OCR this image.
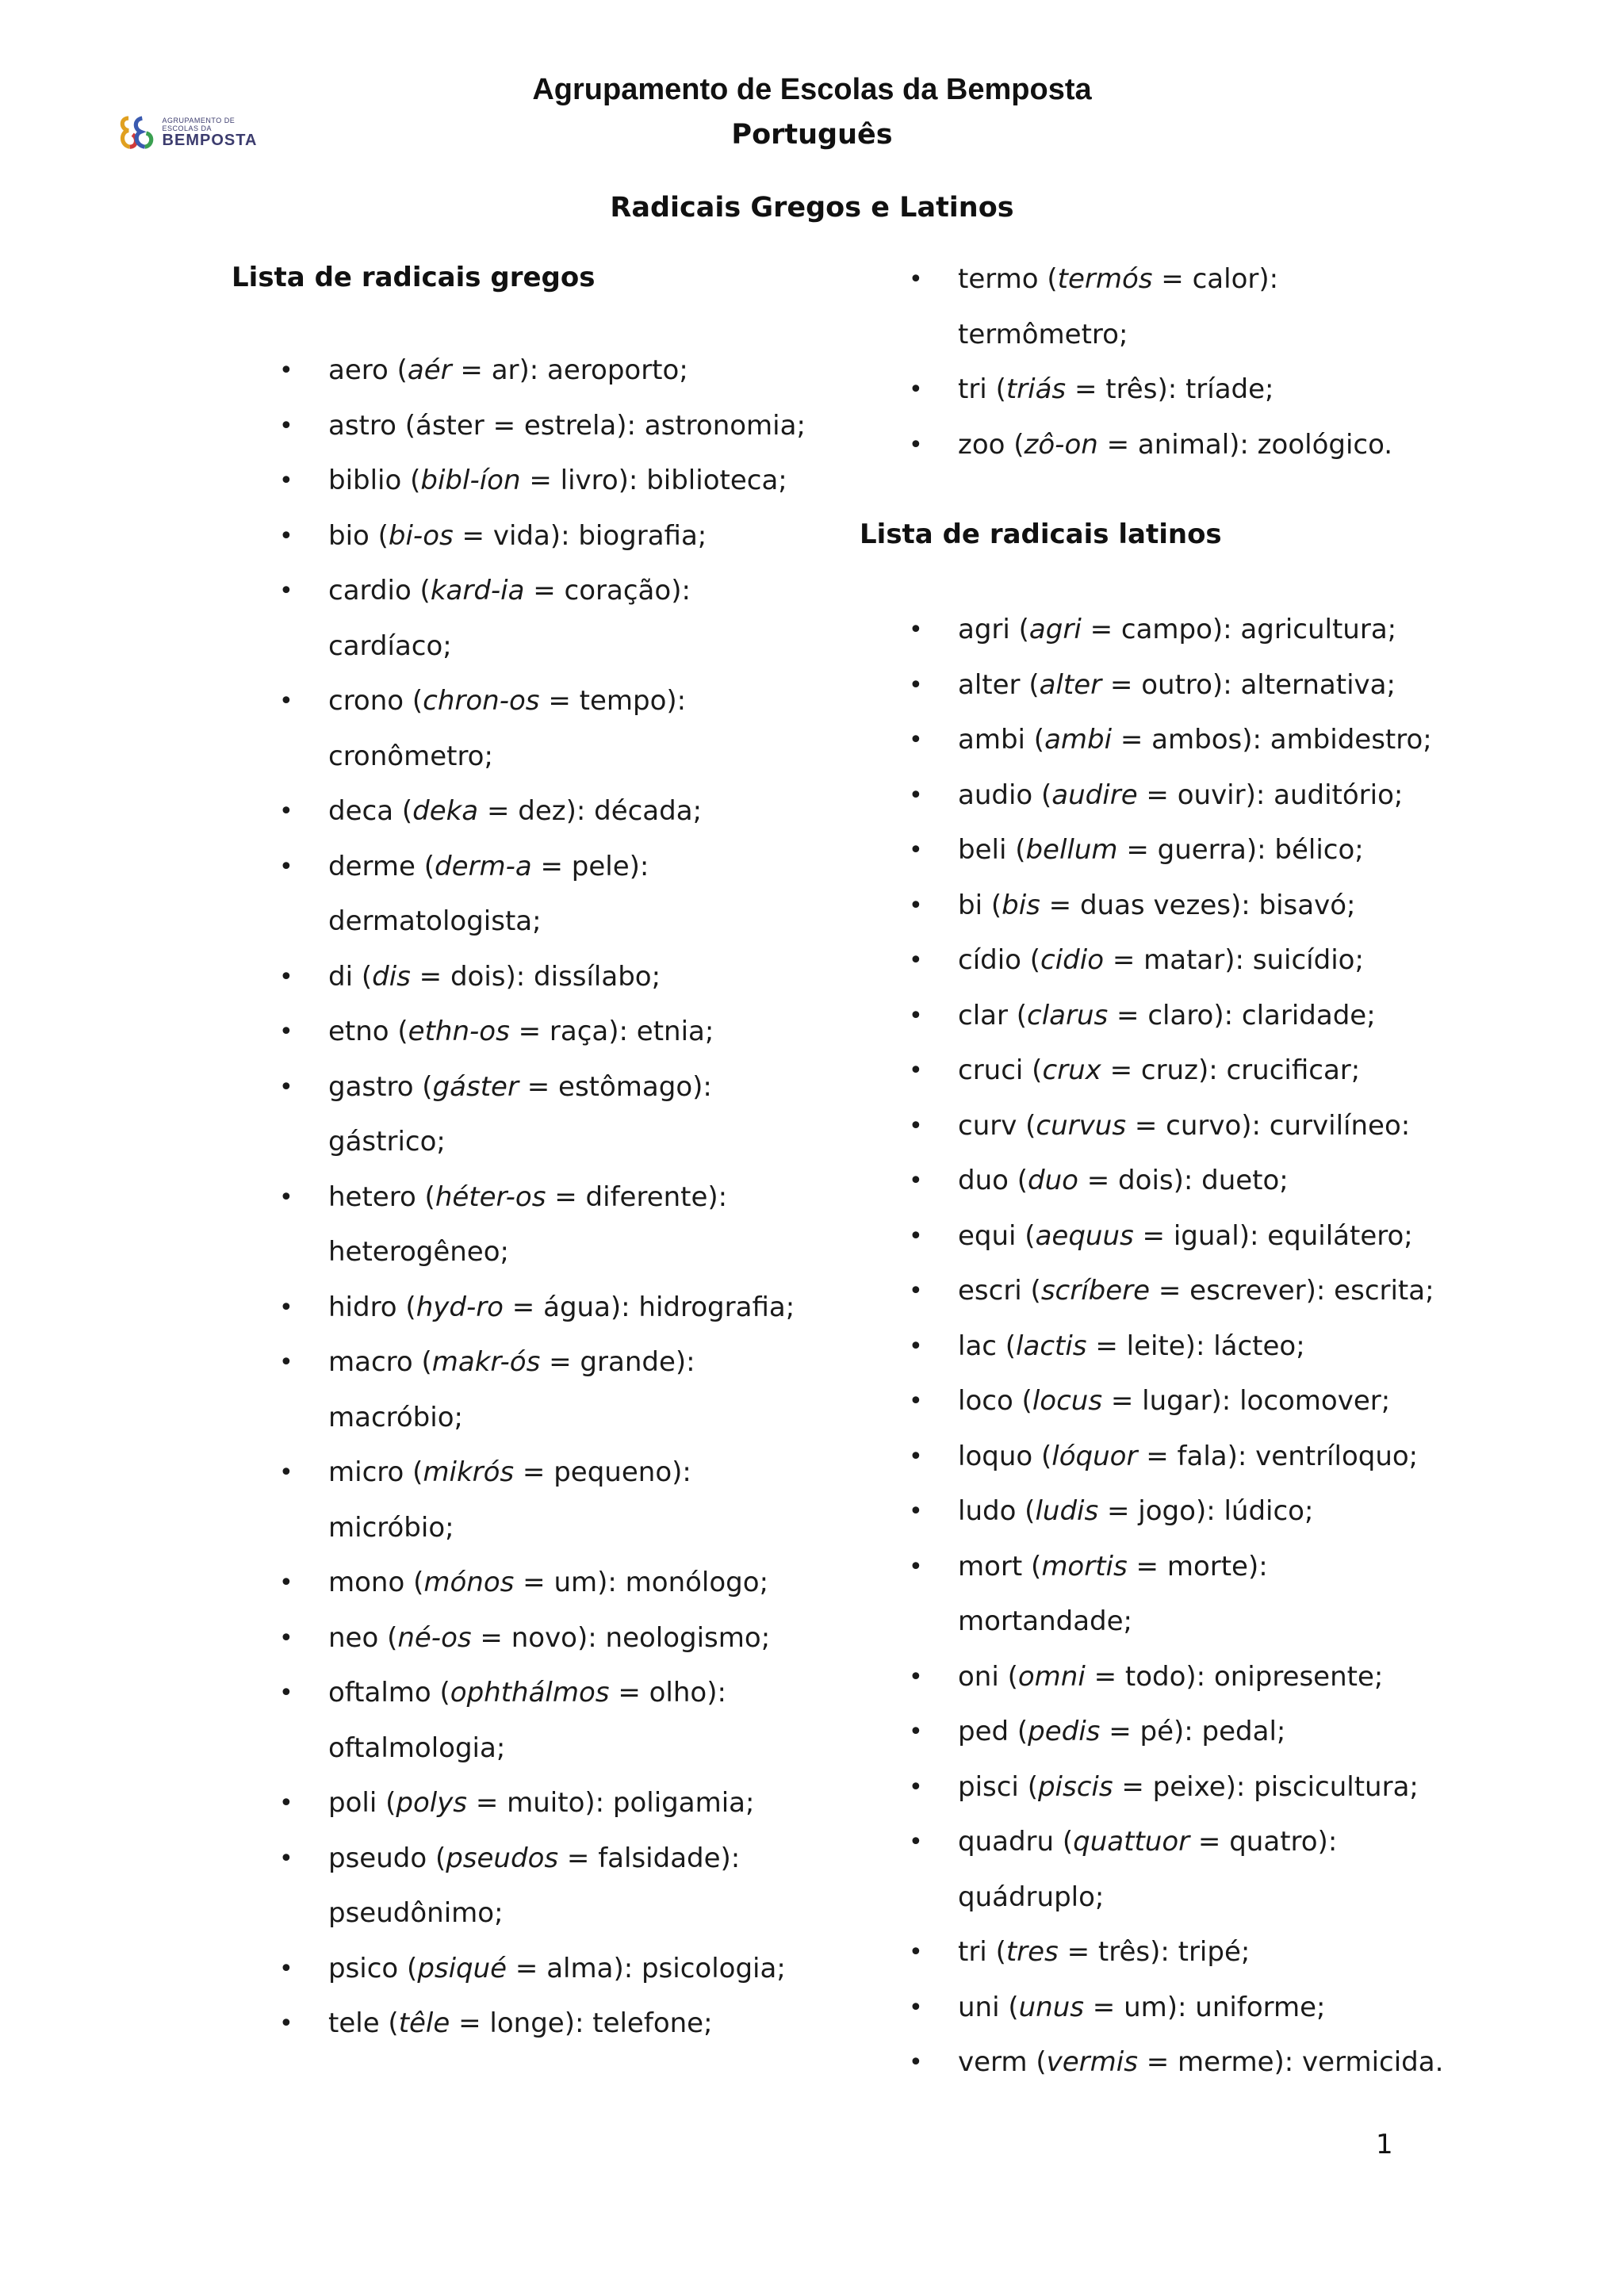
AGRUPAMENTO DE ESCOLAS DA
BEMPOSTA
Agrupamento de Escolas da Bemposta
Português
Radicais Gregos e Latinos
Lista de radicais gregos
• aero (aér = ar): aeroporto;
• astro (áster = estrela): astronomia;
• biblio (bibl-íon = livro): biblioteca;
• bio (bi-os = vida): biografia;
• cardio (kard-ia = coração):
cardíaco;
• crono (chron-os = tempo):
cronômetro;
• deca (deka = dez): década;
• derme (derm-a = pele):
dermatologista;
• di (dis = dois): dissílabo;
• etno (ethn-os = raça): etnia;
• gastro (gáster = estômago):
gástrico;
• hetero (héter-os = diferente):
heterogêneo;
• hidro (hyd-ro = água): hidrografia;
• macro (makr-ós = grande):
macróbio;
• micro (mikrós = pequeno):
micróbio;
• mono (mónos = um): monólogo;
• neo (né-os = novo): neologismo;
• oftalmo (ophthálmos = olho):
oftalmologia;
• poli (polys = muito): poligamia;
• pseudo (pseudos = falsidade):
pseudônimo;
• psico (psiqué = alma): psicologia;
• tele (têle = longe): telefone;
• termo (termós = calor):
termômetro;
• tri (triás = três): tríade;
• zoo (zô-on = animal): zoológico.
Lista de radicais latinos
• agri (agri = campo): agricultura;
• alter (alter = outro): alternativa;
• ambi (ambi = ambos): ambidestro;
• audio (audire = ouvir): auditório;
• beli (bellum = guerra): bélico;
• bi (bis = duas vezes): bisavó;
• cídio (cidio = matar): suicídio;
• clar (clarus = claro): claridade;
• cruci (crux = cruz): crucificar;
• curv (curvus = curvo): curvilíneo:
• duo (duo = dois): dueto;
• equi (aequus = igual): equilátero;
• escri (scríbere = escrever): escrita;
• lac (lactis = leite): lácteo;
• loco (locus = lugar): locomover;
• loquo (lóquor = fala): ventríloquo;
• ludo (ludis = jogo): lúdico;
• mort (mortis = morte):
mortandade;
• oni (omni = todo): onipresente;
• ped (pedis = pé): pedal;
• pisci (piscis = peixe): piscicultura;
• quadru (quattuor = quatro):
quádruplo;
• tri (tres = três): tripé;
• uni (unus = um): uniforme;
• verm (vermis = merme): vermicida.
1
